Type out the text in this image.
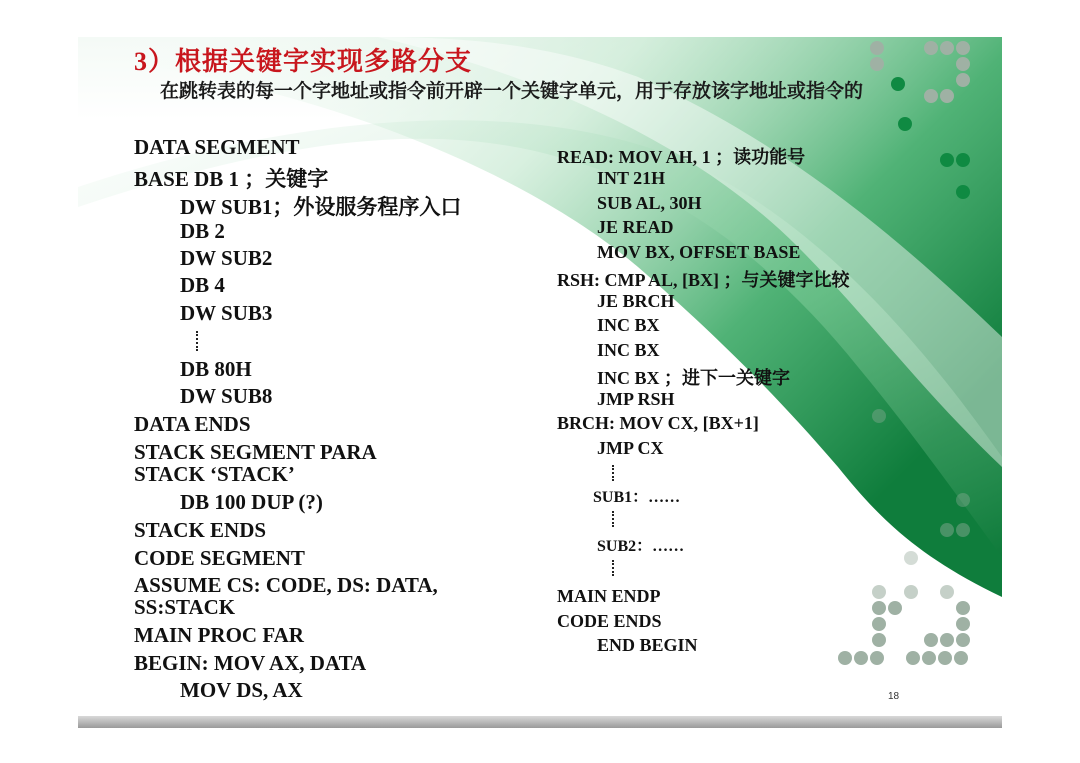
3）根据关键字实现多路分支
在跳转表的每一个字地址或指令前开辟一个关键字单元，用于存放该字地址或指令的
DATA SEGMENT
BASE DB 1 ；关键字
DW SUB1；外设服务程序入口
DB 2
DW SUB2
DB 4
DW SUB3
DB 80H
DW SUB8
DATA ENDS
STACK SEGMENT PARA
STACK ‘STACK’
DB 100 DUP (?)
STACK ENDS
CODE SEGMENT
ASSUME CS: CODE, DS: DATA,
SS:STACK
MAIN PROC FAR
BEGIN: MOV AX, DATA
MOV DS, AX
READ: MOV AH, 1 ；读功能号
INT 21H
SUB AL, 30H
JE READ
MOV BX, OFFSET BASE
RSH: CMP AL, [BX] ；与关键字比较
JE BRCH
INC BX
INC BX
INC BX ；进下一关键字
JMP RSH
BRCH: MOV CX, [BX+1]
JMP CX
SUB1：……
SUB2：……
MAIN ENDP
CODE ENDS
END BEGIN
18
